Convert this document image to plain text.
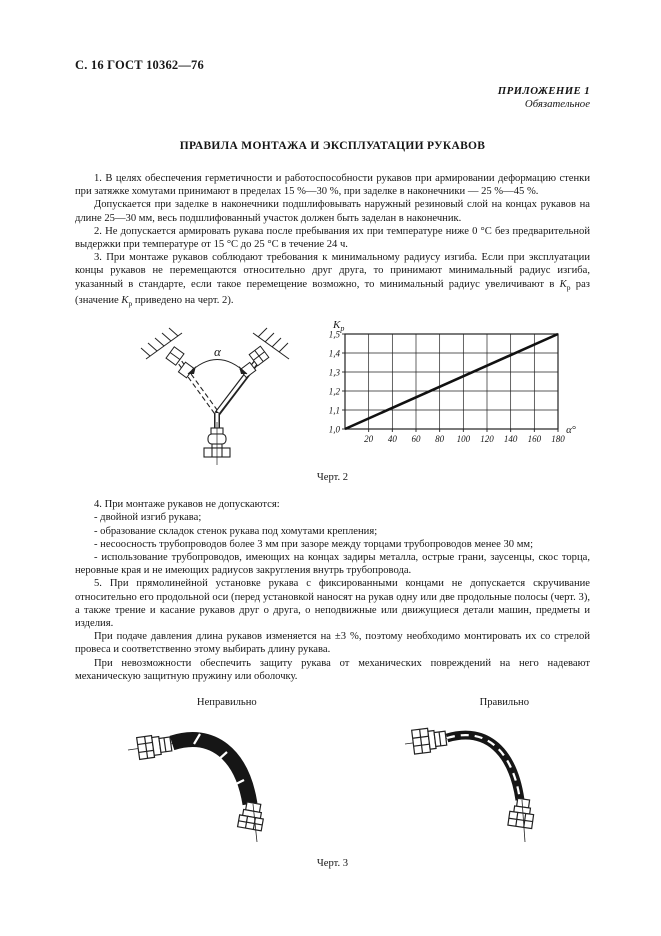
С. 16 ГОСТ 10362—76
ПРИЛОЖЕНИЕ 1
Обязательное
ПРАВИЛА МОНТАЖА И ЭКСПЛУАТАЦИИ РУКАВОВ

1. В целях обеспечения герметичности и работоспособности рукавов при армировании деформацию стенки при затяжке хомутами принимают в пределах 15 %—30 %, при заделке в наконечники — 25 %—45 %.

Допускается при заделке в наконечники подшлифовывать наружный резиновый слой на концах рукавов на длине 25—30 мм, весь подшлифованный участок должен быть заделан в наконечник.

2. Не допускается армировать рукава после пребывания их при температуре ниже 0 °С без предварительной выдержки при температуре от 15 °С до 25 °С в течение 24 ч.

3. При монтаже рукавов соблюдают требования к минимальному радиусу изгиба. Если при эксплуатации концы рукавов не перемещаются относительно друг друга, то принимают минимальный радиус изгиба, указанный в стандарте, если такое перемещение возможно, то минимальный радиус увеличивают в $K_р$ раз (значение $K_р$ приведено на черт. 2).

α
20 40 60 80 100 120 140 160 180
1,0
1,1
1,2
1,3
1,4
1,5
$K_р$
α°
Черт. 2

4. При монтаже рукавов не допускаются:

- двойной изгиб рукава;

- образование складок стенок рукава под хомутами крепления;

- несоосность трубопроводов более 3 мм при зазоре между торцами трубопроводов менее 30 мм;

- использование трубопроводов, имеющих на концах задиры металла, острые грани, заусенцы, скос торца, неровные края и не имеющих радиусов закругления внутрь трубопровода.

5. При прямолинейной установке рукава с фиксированными концами не допускается скручивание относительно его продольной оси (перед установкой наносят на рукав одну или две продольные полосы (черт. 3), а также трение и касание рукавов друг о друга, о неподвижные или движущиеся детали машин, предметы и изделия.

При подаче давления длина рукавов изменяется на ±3 %, поэтому необходимо монтировать их со стрелой провеса и соответственно этому выбирать длину рукава.

При невозможности обеспечить защиту рукава от механических повреждений на него надевают механическую защитную пружину или оболочку.

Неправильно	Правильно
Черт. 3
